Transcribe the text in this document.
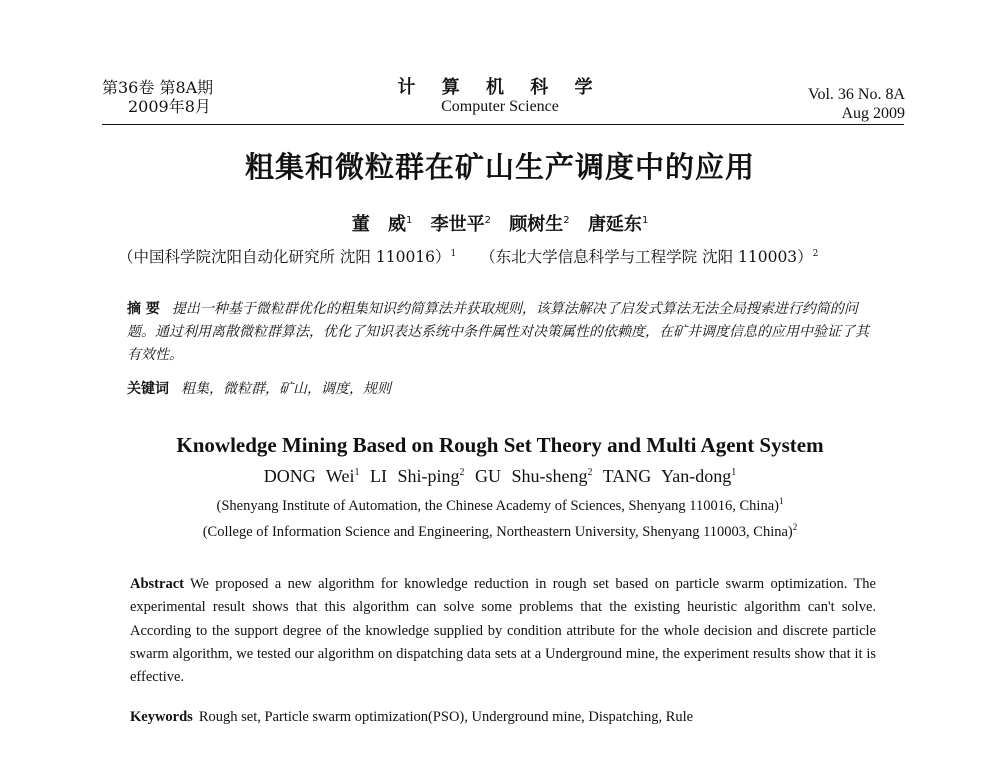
第36卷 第8A期
2009年8月
计 算 机 科 学
Computer Science
Vol. 36 No. 8A
Aug 2009
粗集和微粒群在矿山生产调度中的应用
董 威$^1$ 李世平$^2$ 顾树生$^2$ 唐延东$^1$
（中国科学院沈阳自动化研究所 沈阳 110016）$^1$ （东北大学信息科学与工程学院 沈阳 110003）$^2$
摘 要 提出一种基于微粒群优化的粗集知识约简算法并获取规则，该算法解决了启发式算法无法全局搜索进行约简的问题。通过利用离散微粒群算法，优化了知识表达系统中条件属性对决策属性的依赖度，在矿井调度信息的应用中验证了其有效性。
关键词 粗集，微粒群，矿山，调度，规则
Knowledge Mining Based on Rough Set Theory and Multi Agent System
DONG Wei$^1$ LI Shi-ping$^2$ GU Shu-sheng$^2$ TANG Yan-dong$^1$
(Shenyang Institute of Automation, the Chinese Academy of Sciences, Shenyang 110016, China)$^1$
(College of Information Science and Engineering, Northeastern University, Shenyang 110003, China)$^2$
Abstract We proposed a new algorithm for knowledge reduction in rough set based on particle swarm optimization. The experimental result shows that this algorithm can solve some problems that the existing heuristic algorithm can't solve. According to the support degree of the knowledge supplied by condition attribute for the whole decision and discrete particle swarm algorithm, we tested our algorithm on dispatching data sets at a Underground mine, the experiment results show that it is effective.
Keywords Rough set, Particle swarm optimization(PSO), Underground mine, Dispatching, Rule
